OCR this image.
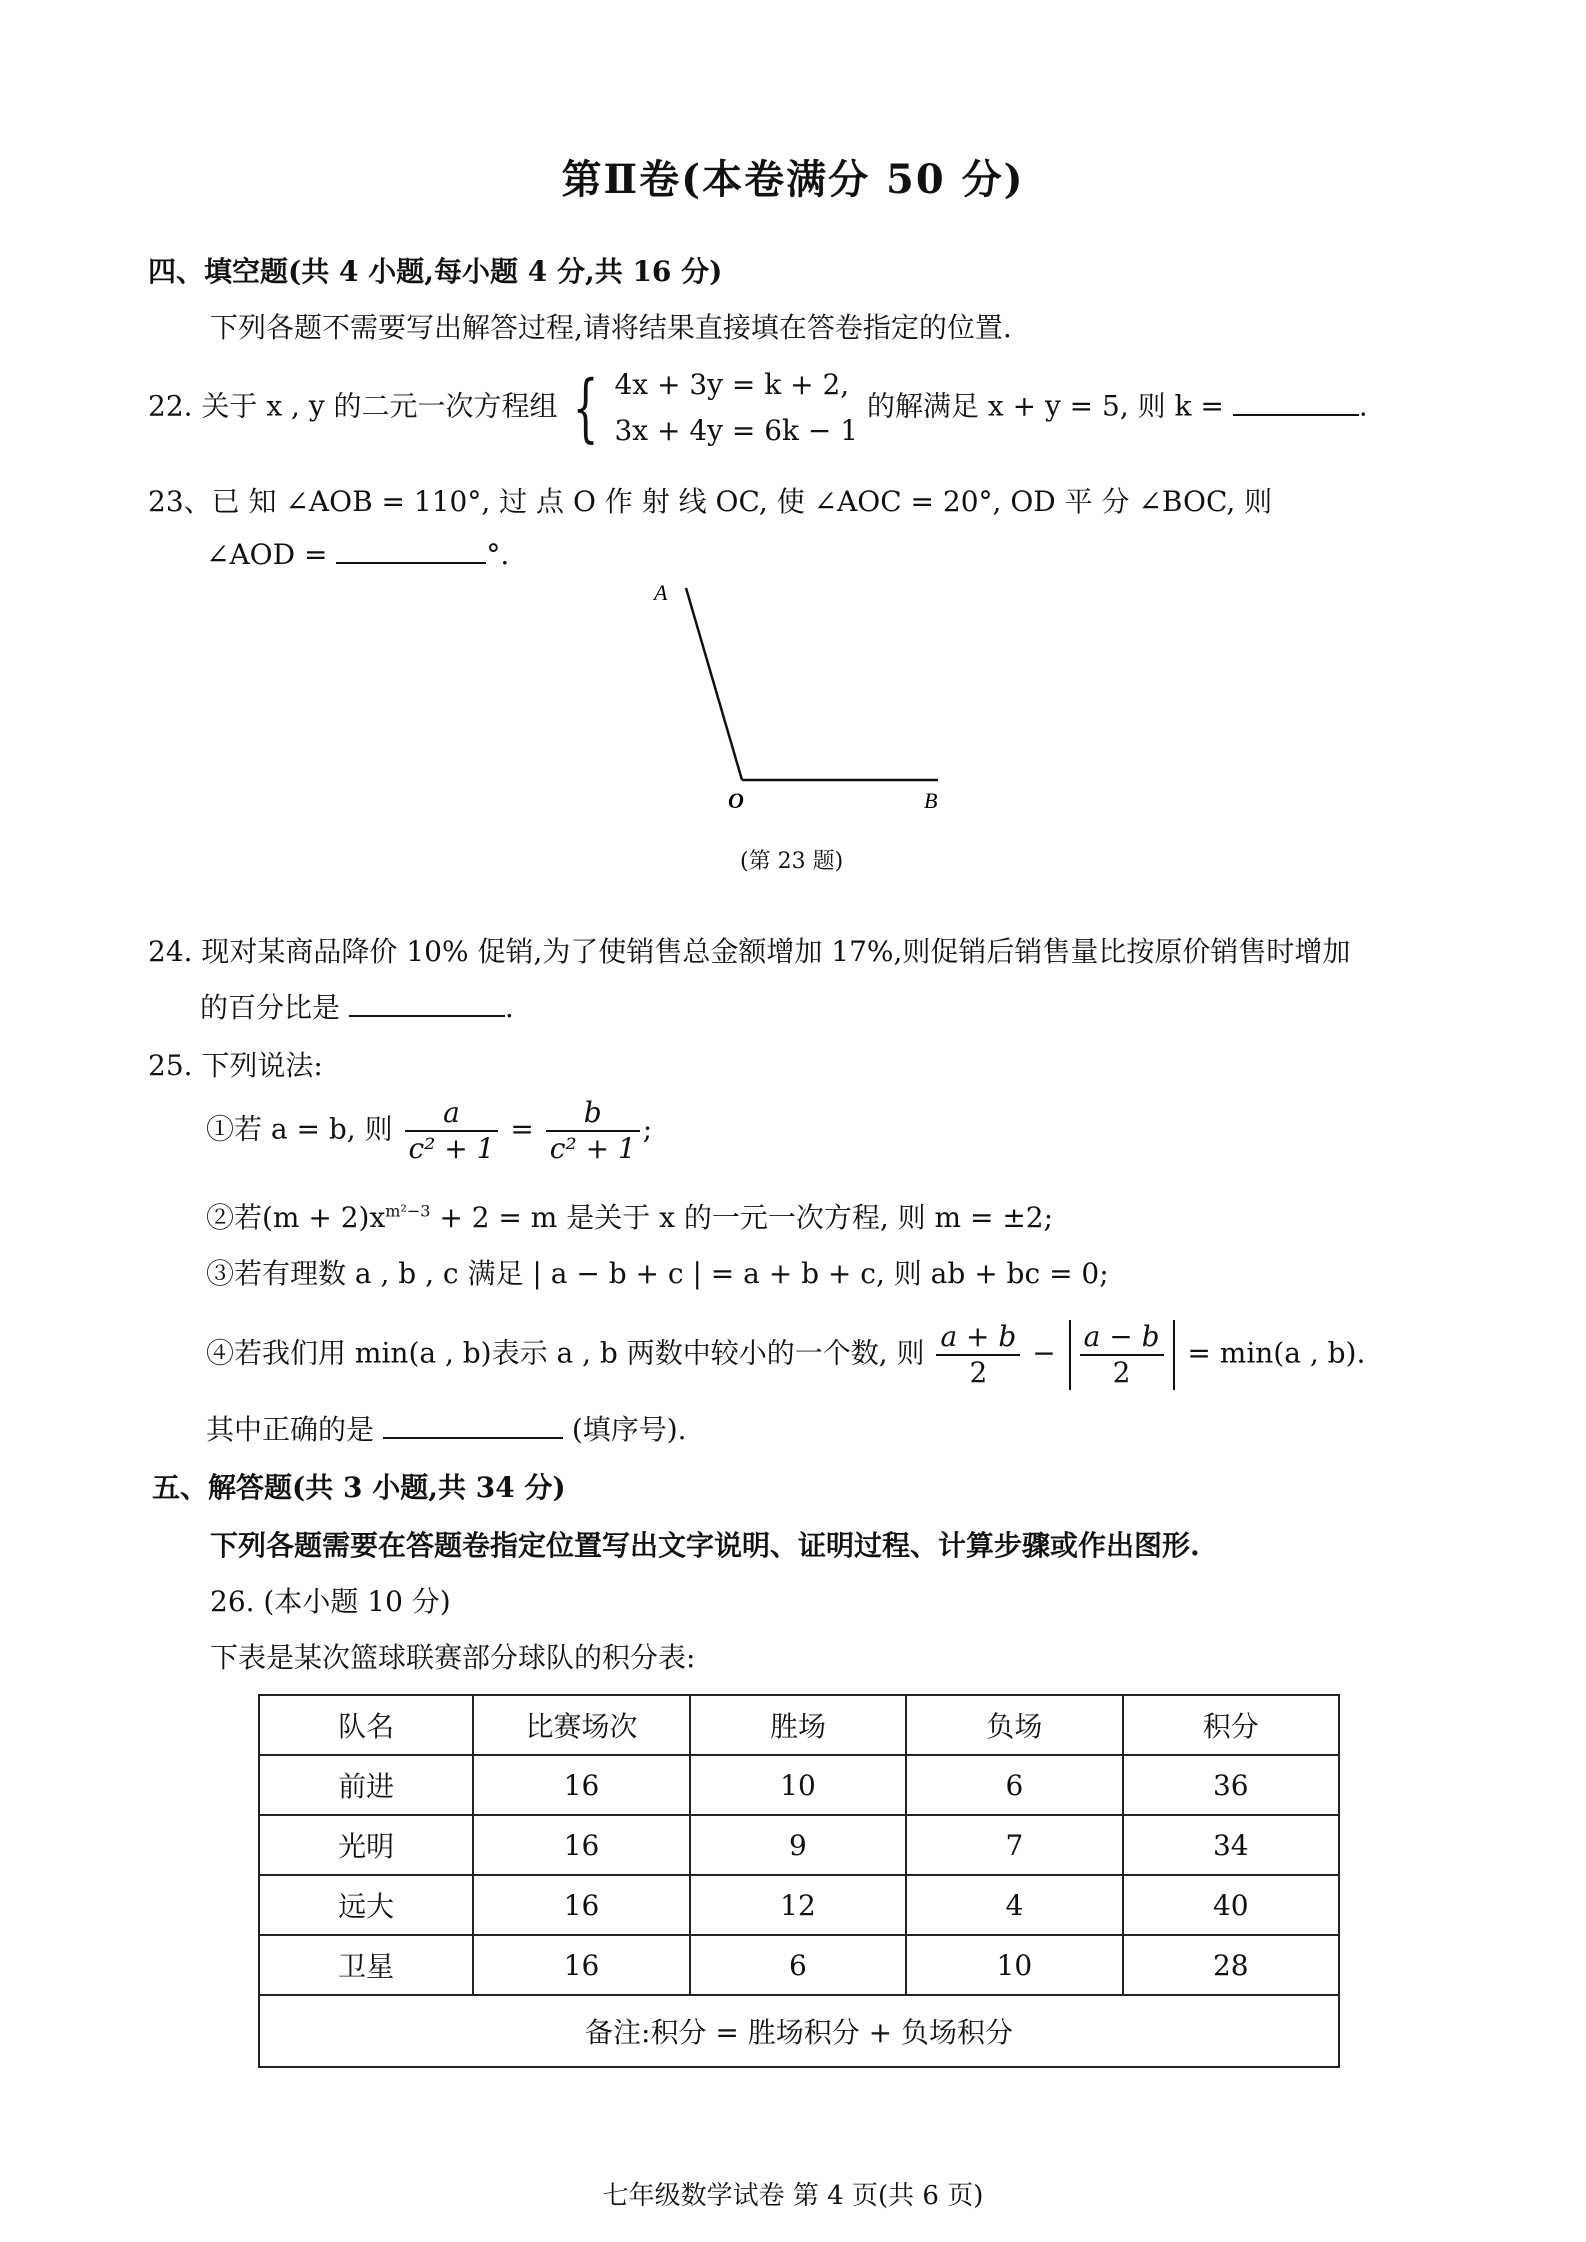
第Ⅱ卷(本卷满分 50 分)
四、填空题(共 4 小题,每小题 4 分,共 16 分)
下列各题不需要写出解答过程,请将结果直接填在答卷指定的位置.
22. 关于 x , y 的二元一次方程组 { 4x + 3y = k + 2,
3x + 4y = 6k − 1
的解满足 x + y = 5, 则 k =	.
23、已 知 ∠AOB = 110°, 过 点 O 作 射 线 OC, 使 ∠AOC = 20°, OD 平 分 ∠BOC, 则
∠AOD =	°.
A
O	B
(第 23 题)
24. 现对某商品降价 10% 促销,为了使销售总金额增加 17%,则促销后销售量比按原价销售时增加
的百分比是	.
25. 下列说法:
①若 a = b, 则 $\frac{a}{\text{c² + 1}} = \frac{b}{\text{c² + 1}}$ ;
②若$(m + 2)x^{m^2-3} + 2 = m$ 是关于 x 的一元一次方程, 则 m = ±2;
③若有理数 a , b , c 满足 | a − b + c | = a + b + c, 则 ab + bc = 0;
④若我们用 min(a , b)表示 a , b 两数中较小的一个数, 则 $\frac{a + b}{2} - \frac{a - b}{2} = \min(a$ , b).
其中正确的是	(填序号).
五、解答题(共 3 小题,共 34 分)
下列各题需要在答题卷指定位置写出文字说明、证明过程、计算步骤或作出图形.
26. (本小题 10 分)
下表是某次篮球联赛部分球队的积分表:
队名	比赛场次	胜场	负场	积分
前进	16	10	6	36
光明	16	9	7	34
远大	16	12	4	40
卫星	16	6	10	28
备注:积分 = 胜场积分 + 负场积分				
七年级数学试卷 第 4 页(共 6 页)
